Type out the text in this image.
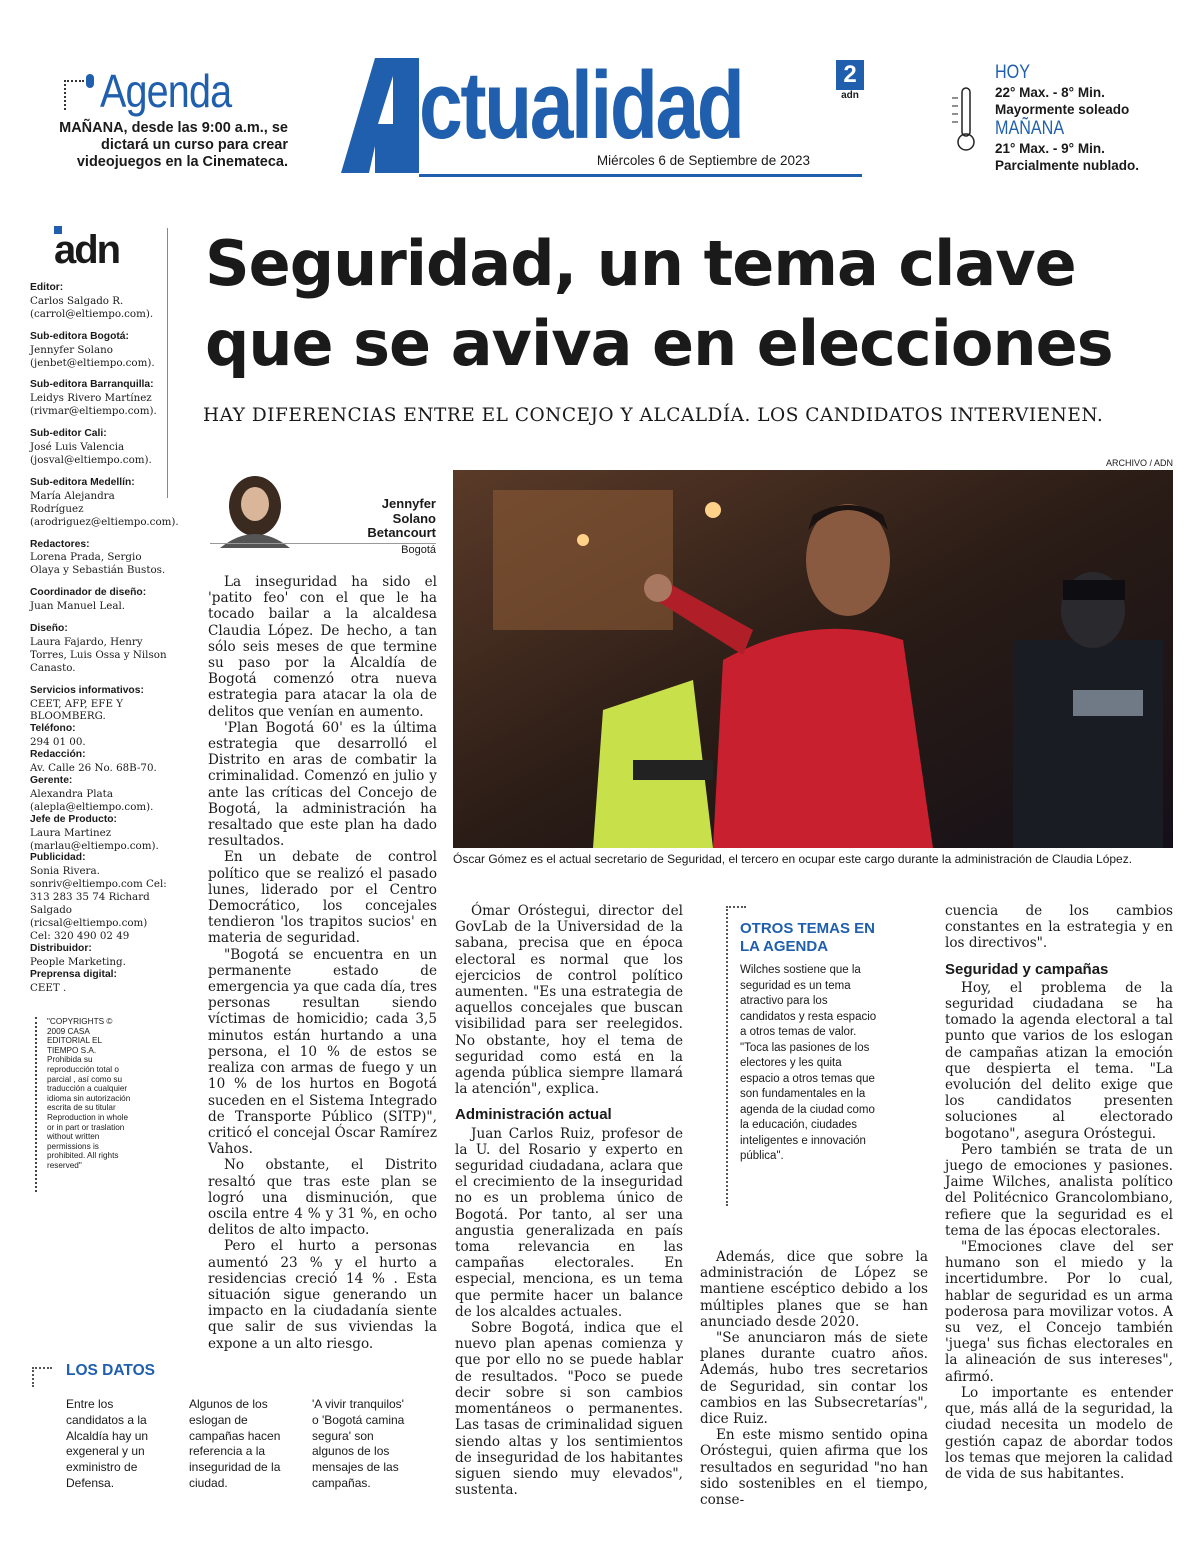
Agenda
MAÑANA, desde las 9:00 a.m., se dictará un curso para crear videojuegos en la Cinemateca.
ctualidad
Miércoles 6 de Septiembre de 2023
2
adn
HOY
22° Max. - 8° Min.
Mayormente soleado
MAÑANA
21° Max. - 9° Min.
Parcialmente nublado.
adn
Editor:
Carlos Salgado R. (carrol@eltiempo.com).
Sub-editora Bogotá:
Jennyfer Solano (jenbet@eltiempo.com).
Sub-editora Barranquilla:
Leidys Rivero Martínez (rivmar@eltiempo.com).
Sub-editor Cali:
José Luis Valencia (josval@eltiempo.com).
Sub-editora Medellín:
María Alejandra Rodríguez (arodriguez@eltiempo.com).
Redactores:
Lorena Prada, Sergio Olaya y Sebastián Bustos.
Coordinador de diseño:
Juan Manuel Leal.
Diseño:
Laura Fajardo, Henry Torres, Luis Ossa y Nilson Canasto.
Servicios informativos:
CEET, AFP, EFE Y BLOOMBERG.
Teléfono:
294 01 00.
Redacción:
Av. Calle 26 No. 68B-70.
Gerente:
Alexandra Plata (alepla@eltiempo.com).
Jefe de Producto:
Laura Martinez (marlau@eltiempo.com).
Publicidad:
Sonia Rivera. sonriv@eltiempo.com Cel: 313 283 35 74 Richard Salgado (ricsal@eltiempo.com) Cel: 320 490 02 49
Distribuidor:
People Marketing.
Preprensa digital:
CEET .
"COPYRIGHTS © 2009 CASA EDITORIAL EL TIEMPO S.A. Prohibida su reproducción total o parcial , así como su traducción a cualquier idioma sin autorización escrita de su titular Reproduction in whole or in part or traslation without written permissions is prohibited. All rights reserved"
Seguridad, un tema clave que se aviva en elecciones
HAY DIFERENCIAS ENTRE EL CONCEJO Y ALCALDÍA. LOS CANDIDATOS INTERVIENEN.
ARCHIVO / ADN
Jennyfer Solano Betancourt
Bogotá
Óscar Gómez es el actual secretario de Seguridad, el tercero en ocupar este cargo durante la administración de Claudia López.

La inseguridad ha sido el 'patito feo' con el que le ha tocado bailar a la alcaldesa Claudia López. De hecho, a tan sólo seis meses de que termine su paso por la Alcaldía de Bogotá comenzó otra nueva estrategia para atacar la ola de delitos que venían en aumento.

'Plan Bogotá 60' es la última estrategia que desarrolló el Distrito en aras de combatir la criminalidad. Comenzó en julio y ante las críticas del Concejo de Bogotá, la administración ha resaltado que este plan ha dado resultados.

En un debate de control político que se realizó el pasado lunes, liderado por el Centro Democrático, los concejales tendieron 'los trapitos sucios' en materia de seguridad.

"Bogotá se encuentra en un permanente estado de emergencia ya que cada día, tres personas resultan siendo víctimas de homicidio; cada 3,5 minutos están hurtando a una persona, el 10 % de estos se realiza con armas de fuego y un 10 % de los hurtos en Bogotá suceden en el Sistema Integrado de Transporte Público (SITP)", criticó el concejal Óscar Ramírez Vahos.

No obstante, el Distrito resaltó que tras este plan se logró una disminución, que oscila entre 4 % y 31 %, en ocho delitos de alto impacto.

Pero el hurto a personas aumentó 23 % y el hurto a residencias creció 14 % . Esta situación sigue generando un impacto en la ciudadanía siente que salir de sus viviendas la expone a un alto riesgo.

Ómar Oróstegui, director del GovLab de la Universidad de la sabana, precisa que en época electoral es normal que los ejercicios de control político aumenten. "Es una estrategia de aquellos concejales que buscan visibilidad para ser reelegidos. No obstante, hoy el tema de seguridad como está en la agenda pública siempre llamará la atención", explica.

Administración actual

Juan Carlos Ruiz, profesor de la U. del Rosario y experto en seguridad ciudadana, aclara que el crecimiento de la inseguridad no es un problema único de Bogotá. Por tanto, al ser una angustia generalizada en país toma relevancia en las campañas electorales. En especial, menciona, es un tema que permite hacer un balance de los alcaldes actuales.

Sobre Bogotá, indica que el nuevo plan apenas comienza y que por ello no se puede hablar de resultados. "Poco se puede decir sobre si son cambios momentáneos o permanentes. Las tasas de criminalidad siguen siendo altas y los sentimientos de inseguridad de los habitantes siguen siendo muy elevados", sustenta.

Además, dice que sobre la administración de López se mantiene escéptico debido a los múltiples planes que se han anunciado desde 2020.

"Se anunciaron más de siete planes durante cuatro años. Además, hubo tres secretarios de Seguridad, sin contar los cambios en las Subsecretarías", dice Ruiz.

En este mismo sentido opina Oróstegui, quien afirma que los resultados en seguridad "no han sido sostenibles en el tiempo, conse-

cuencia de los cambios constantes en la estrategia y en los directivos".

Seguridad y campañas

Hoy, el problema de la seguridad ciudadana se ha tomado la agenda electoral a tal punto que varios de los eslogan de campañas atizan la emoción que despierta el tema. "La evolución del delito exige que los candidatos presenten soluciones al electorado bogotano", asegura Oróstegui.

Pero también se trata de un juego de emociones y pasiones. Jaime Wilches, analista político del Politécnico Grancolombiano, refiere que la seguridad es el tema de las épocas electorales.

"Emociones clave del ser humano son el miedo y la incertidumbre. Por lo cual, hablar de seguridad es un arma poderosa para movilizar votos. A su vez, el Concejo también 'juega' sus fichas electorales en la alineación de sus intereses", afirmó.

Lo importante es entender que, más allá de la seguridad, la ciudad necesita un modelo de gestión capaz de abordar todos los temas que mejoren la calidad de vida de sus habitantes.

OTROS TEMAS EN LA AGENDA
Wilches sostiene que la seguridad es un tema atractivo para los candidatos y resta espacio a otros temas de valor. "Toca las pasiones de los electores y les quita espacio a otros temas que son fundamentales en la agenda de la ciudad como la educación, ciudades inteligentes e innovación pública".
LOS DATOS
Entre los candidatos a la Alcaldía hay un exgeneral y un exministro de Defensa.
Algunos de los eslogan de campañas hacen referencia a la inseguridad de la ciudad.
'A vivir tranquilos' o 'Bogotá camina segura' son algunos de los mensajes de las campañas.
